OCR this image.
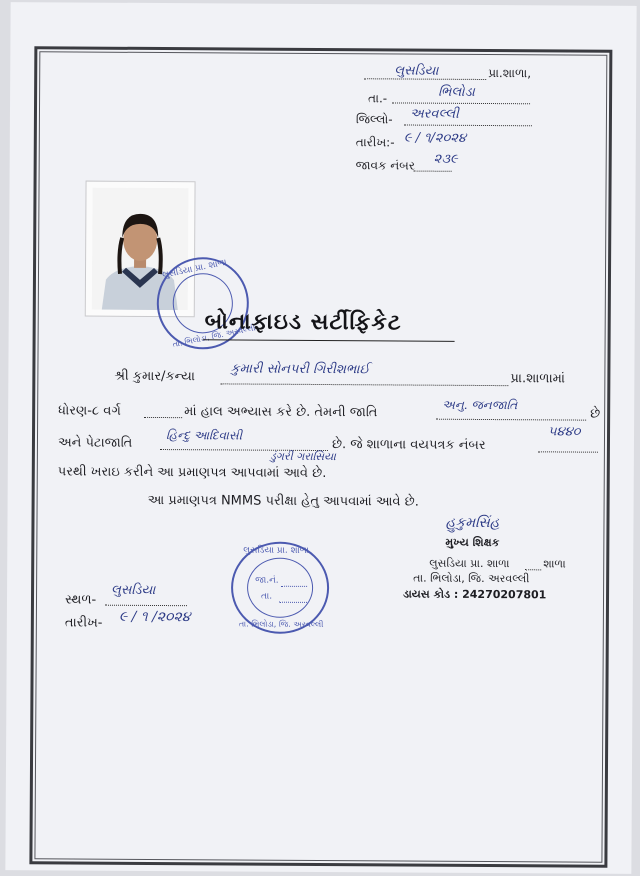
લુસડિયા	પ્રા.શાળા,
તા.-	ભિલોડા
જિલ્લો- અરવલ્લી
તારીખ:- ૯ / ૧/૨૦૨૪
જાવક નંબર ૨૩૯
લુસડિયા પ્રા. શાળા
તા. ભિલોડા, જિ. અરવલ્લી
બોનાફાઇડ સર્ટીફિકેટ
શ્રી કુમાર/કન્યા	કુમારી સોનપરી ગિરીશભાઈ
પ્રા.શાળામાં
ધોરણ-૮ વર્ગ	માં હાલ અભ્યાસ કરે છે. તેમની જાતિ	અનુ. જનજાતિ
છે
અને પેટાજાતિ
હિન્દુ આદિવાસી
છે. જે શાળાના વયપત્રક નંબર
૫૪૪૦
ડુંગરી ગરાસિયા
પરથી ખરાઇ કરીને આ પ્રમાણપત્ર આપવામાં આવે છે.
આ પ્રમાણપત્ર NMMS પરીક્ષા હેતુ આપવામાં આવે છે.
હુકુમસિંહ
મુખ્ય શિક્ષક
લુસડિયા પ્રા. શાળા	શાળા
તા. ભિલોડા, જિ. અરવલ્લી
ડાયસ કોડ : 24270207801
લુસડિયા પ્રા. શાળા
જા.નં.
તા.
તા. ભિલોડા, જિ. અરવલ્લી
સ્થળ-
લુસડિયા
તારીખ- ૯ / ૧ /૨૦૨૪
